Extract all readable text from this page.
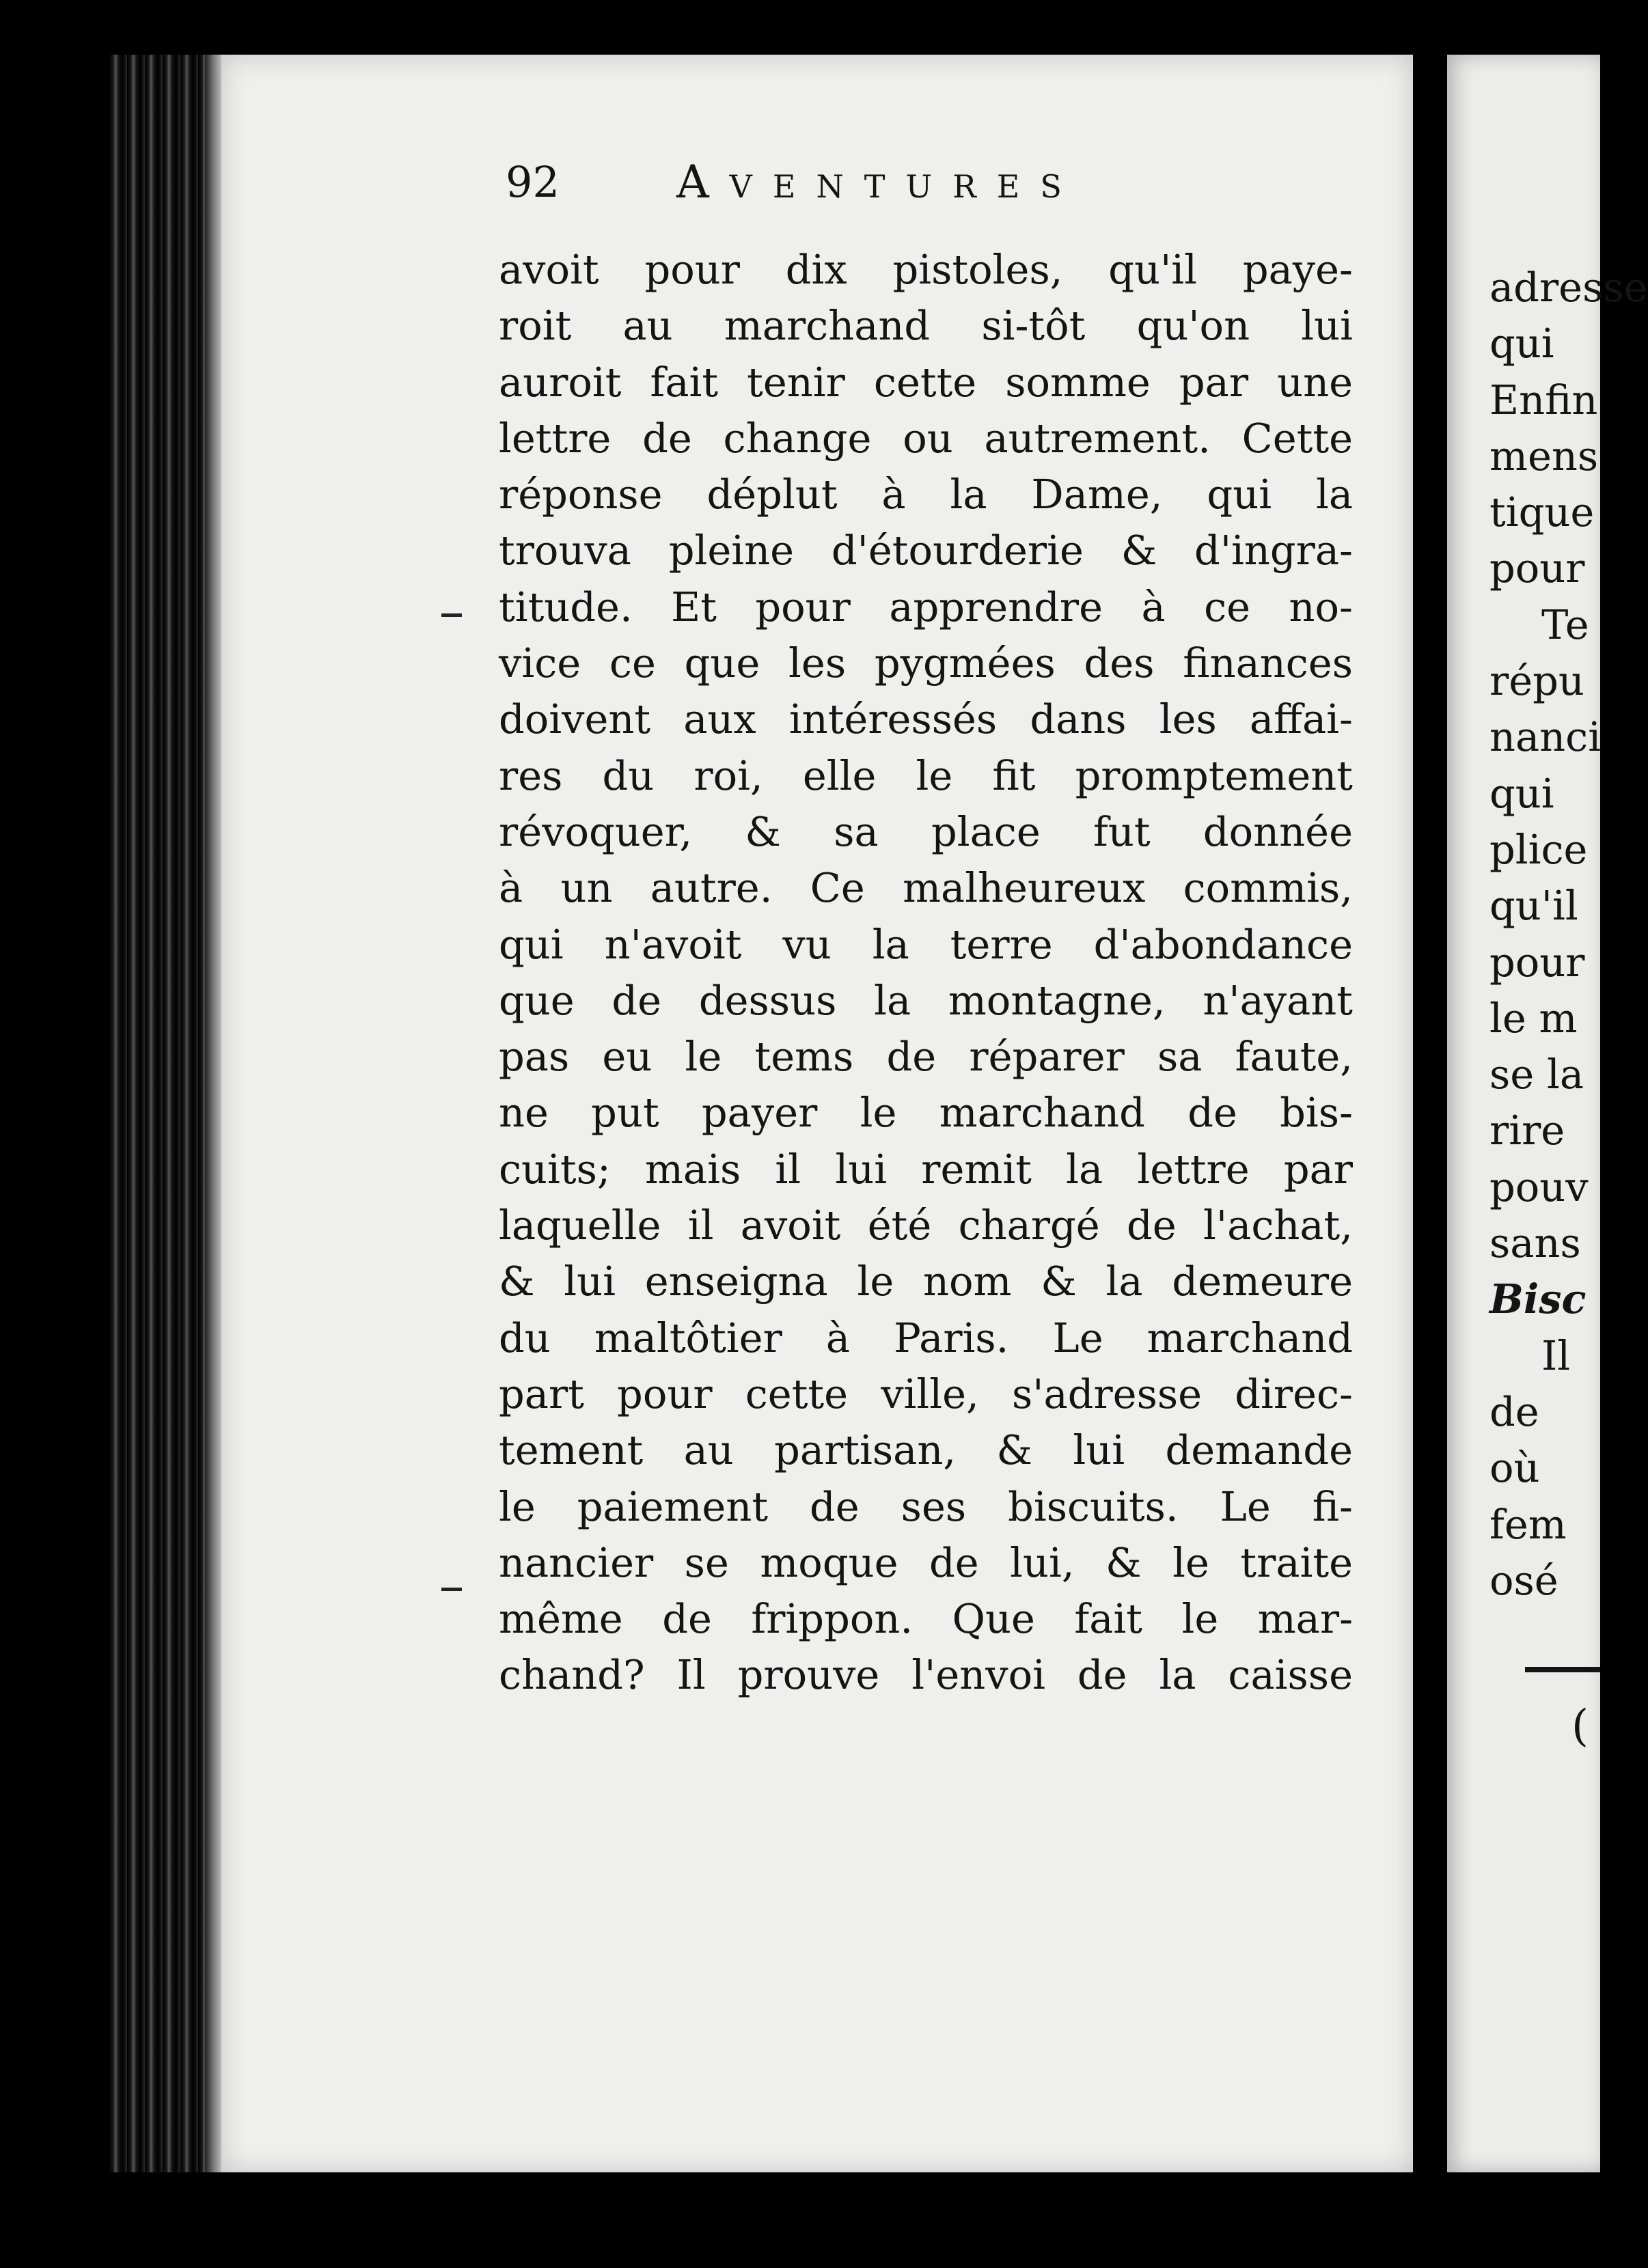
92	Aventures
avoit pour dix pistoles, qu'il paye-
roit au marchand si-tôt qu'on lui
auroit fait tenir cette somme par une
lettre de change ou autrement. Cette
réponse déplut à la Dame, qui la
trouva pleine d'étourderie & d'ingra-
titude. Et pour apprendre à ce no-
vice ce que les pygmées des finances
doivent aux intéressés dans les affai-
res du roi, elle le fit promptement
révoquer, & sa place fut donnée
à un autre. Ce malheureux commis,
qui n'avoit vu la terre d'abondance
que de dessus la montagne, n'ayant
pas eu le tems de réparer sa faute,
ne put payer le marchand de bis-
cuits; mais il lui remit la lettre par
laquelle il avoit été chargé de l'achat,
& lui enseigna le nom & la demeure
du maltôtier à Paris. Le marchand
part pour cette ville, s'adresse direc-
tement au partisan, & lui demande
le paiement de ses biscuits. Le fi-
nancier se moque de lui, & le traite
même de frippon. Que fait le mar-
chand? Il prouve l'envoi de la caisse
adresse
qui
Enfin
mens
tique
pour
Te
répu
nanci
qui
plice
qu'il
pour
le m
se la
rire
pouv
sans
Bisc
Il
de
où
fem
osé
(
